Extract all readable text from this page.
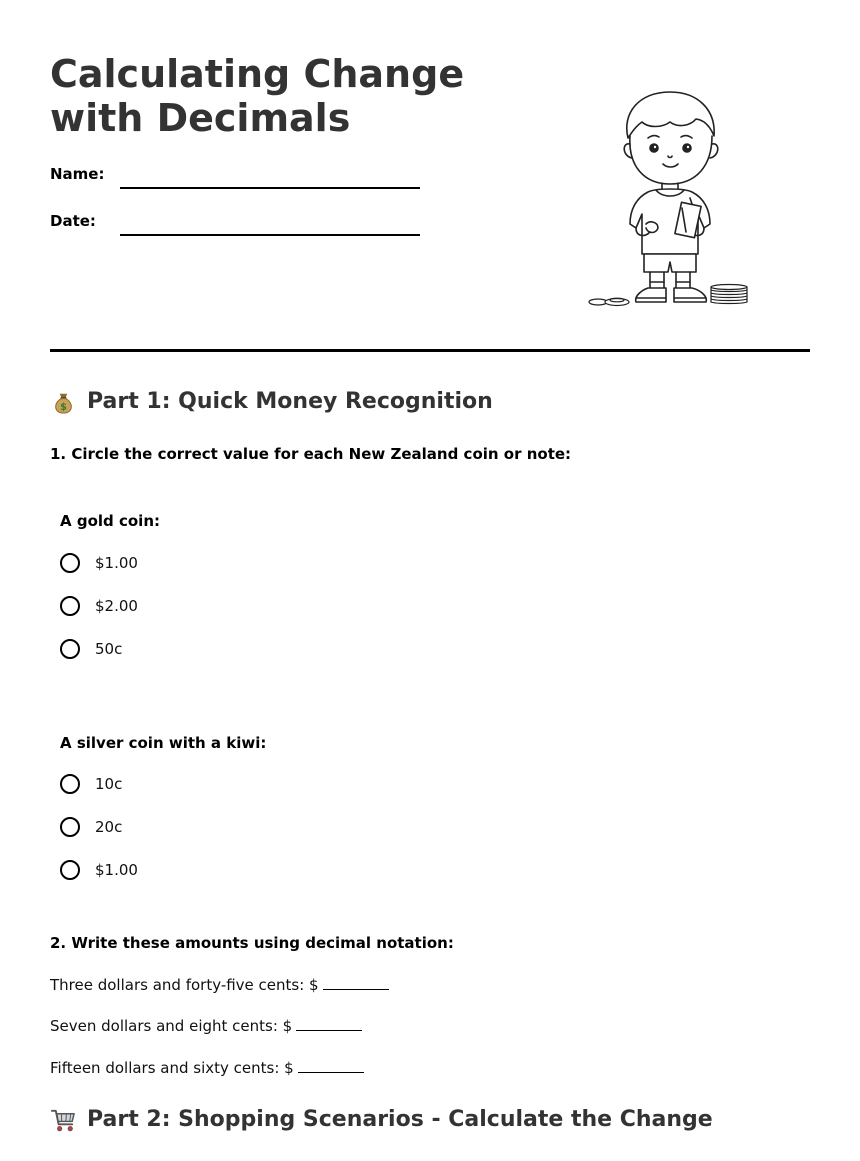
Calculating Change with Decimals
Name:
Date:
$ Part 1: Quick Money Recognition
1. Circle the correct value for each New Zealand coin or note:
A gold coin:
$1.00
$2.00
50c
A silver coin with a kiwi:
10c
20c
$1.00
2. Write these amounts using decimal notation:
Three dollars and forty-five cents: $
Seven dollars and eight cents: $
Fifteen dollars and sixty cents: $
Part 2: Shopping Scenarios - Calculate the Change
